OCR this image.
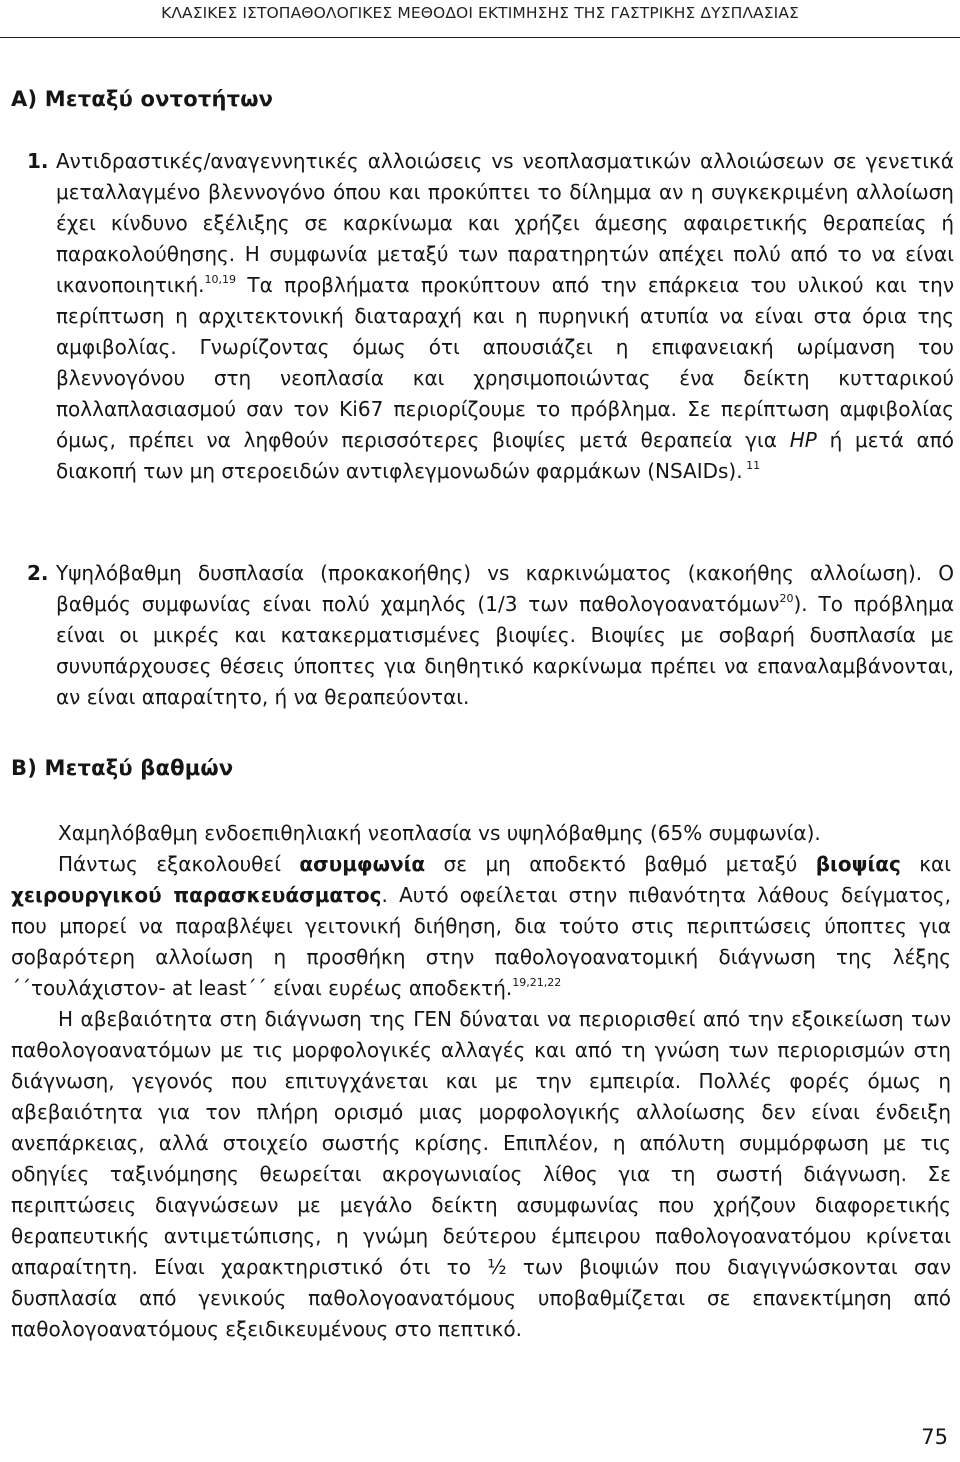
ΚΛΑΣΙΚΕΣ ΙΣΤΟΠΑΘΟΛΟΓΙΚΕΣ ΜΕΘΟΔΟΙ ΕΚΤΙΜΗΣΗΣ ΤΗΣ ΓΑΣΤΡΙΚΗΣ ΔΥΣΠΛΑΣΙΑΣ
Α) Μεταξύ οντοτήτων
1. Αντιδραστικές/αναγεννητικές αλλοιώσεις vs νεοπλασματικών αλλοιώσεων σε γενετικά μεταλλαγμένο βλεννογόνο όπου και προκύπτει το δίλημμα αν η συγκεκριμένη αλλοίωση έχει κίνδυνο εξέλιξης σε καρκίνωμα και χρήζει άμεσης αφαιρετικής θεραπείας ή παρακολούθησης. Η συμφωνία μεταξύ των παρατηρητών απέχει πολύ από το να είναι ικανοποιητική.$^{10,19}$ Τα προβλήματα προκύπτουν από την επάρκεια του υλικού και την περίπτωση η αρχιτεκτονική διαταραχή και η πυρηνική ατυπία να είναι στα όρια της αμφιβολίας. Γνωρίζοντας όμως ότι απουσιάζει η επιφανειακή ωρίμανση του βλεννογόνου στη νεοπλασία και χρησιμοποιώντας ένα δείκτη κυτταρικού πολλαπλασιασμού σαν τον Ki67 περιορίζουμε το πρόβλημα. Σε περίπτωση αμφιβολίας όμως, πρέπει να ληφθούν περισσότερες βιοψίες μετά θεραπεία για HP ή μετά από διακοπή των μη στεροειδών αντιφλεγμονωδών φαρμάκων (NSAIDs). $^{11}$

2. Υψηλόβαθμη δυσπλασία (προκακοήθης) vs καρκινώματος (κακοήθης αλλοίωση). Ο βαθμός συμφωνίας είναι πολύ χαμηλός (1/3 των παθολογοανατόμων$^{20}$). Το πρόβλημα είναι οι μικρές και κατακερματισμένες βιοψίες. Βιοψίες με σοβαρή δυσπλασία με συνυπάρχουσες θέσεις ύποπτες για διηθητικό καρκίνωμα πρέπει να επαναλαμβάνονται, αν είναι απαραίτητο, ή να θεραπεύονται.

Β) Μεταξύ βαθμών

Χαμηλόβαθμη ενδοεπιθηλιακή νεοπλασία vs υψηλόβαθμης (65% συμφωνία).

Πάντως εξακολουθεί ασυμφωνία σε μη αποδεκτό βαθμό μεταξύ βιοψίας και χειρουργικού παρασκευάσματος. Αυτό οφείλεται στην πιθανότητα λάθους δείγματος, που μπορεί να παραβλέψει γειτονική διήθηση, δια τούτο στις περιπτώσεις ύποπτες για σοβαρότερη αλλοίωση η προσθήκη στην παθολογοανατομική διάγνωση της λέξης ΄΄τουλάχιστον- at least΄΄ είναι ευρέως αποδεκτή.$^{19,21,22}$

Η αβεβαιότητα στη διάγνωση της ΓΕΝ δύναται να περιορισθεί από την εξοικείωση των παθολογοανατόμων με τις μορφολογικές αλλαγές και από τη γνώση των περιορισμών στη διάγνωση, γεγονός που επιτυγχάνεται και με την εμπειρία. Πολλές φορές όμως η αβεβαιότητα για τον πλήρη ορισμό μιας μορφολογικής αλλοίωσης δεν είναι ένδειξη ανεπάρκειας, αλλά στοιχείο σωστής κρίσης. Επιπλέον, η απόλυτη συμμόρφωση με τις οδηγίες ταξινόμησης θεωρείται ακρογωνιαίος λίθος για τη σωστή διάγνωση. Σε περιπτώσεις διαγνώσεων με μεγάλο δείκτη ασυμφωνίας που χρήζουν διαφορετικής θεραπευτικής αντιμετώπισης, η γνώμη δεύτερου έμπειρου παθολογοανατόμου κρίνεται απαραίτητη. Είναι χαρακτηριστικό ότι το ½ των βιοψιών που διαγιγνώσκονται σαν δυσπλασία από γενικούς παθολογοανατόμους υποβαθμίζεται σε επανεκτίμηση από παθολογοανατόμους εξειδικευμένους στο πεπτικό.

75
